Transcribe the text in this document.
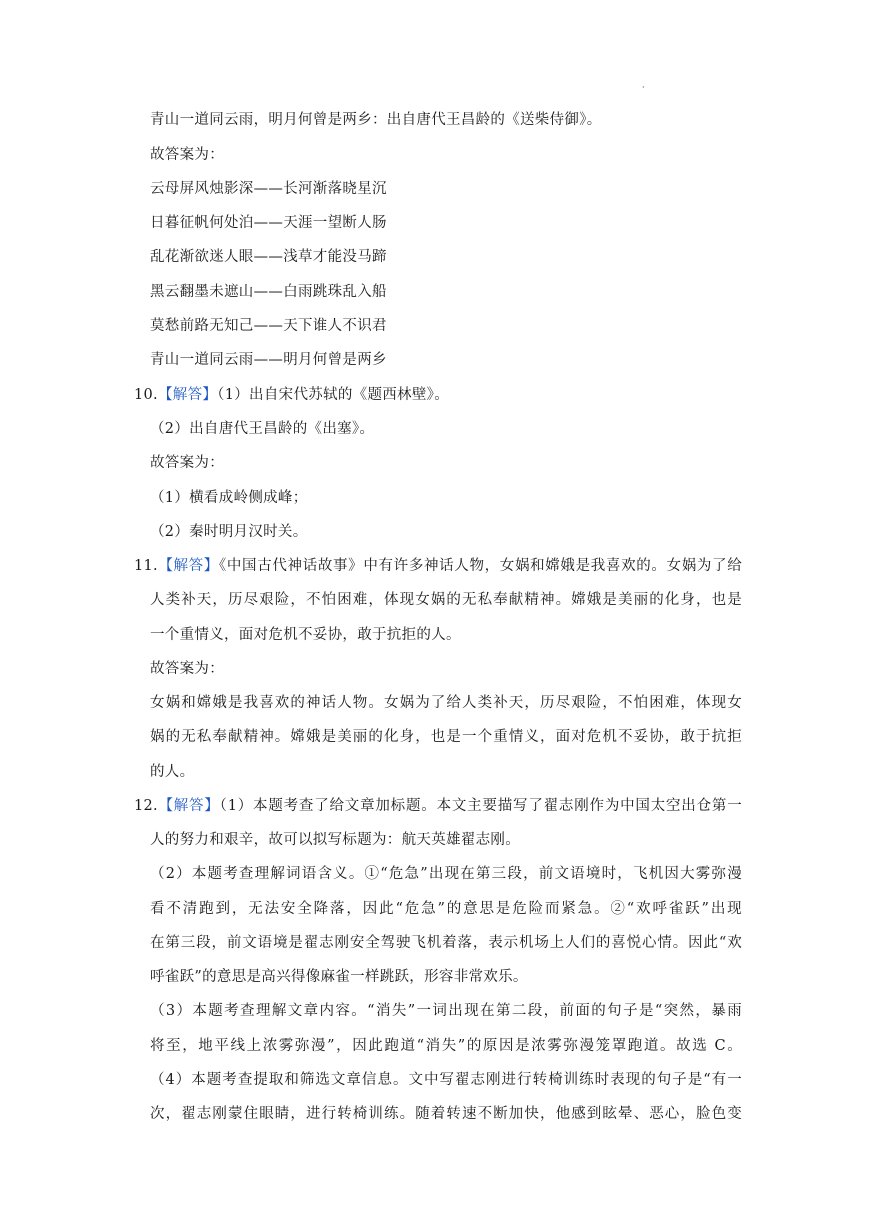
·
青山一道同云雨，明月何曾是两乡：出自唐代王昌龄的《送柴侍御》。
故答案为：
云母屏风烛影深——长河渐落晓星沉
日暮征帆何处泊——天涯一望断人肠
乱花渐欲迷人眼——浅草才能没马蹄
黑云翻墨未遮山——白雨跳珠乱入船
莫愁前路无知己——天下谁人不识君
青山一道同云雨——明月何曾是两乡
10.【解答】（1）出自宋代苏轼的《题西林壁》。
（2）出自唐代王昌龄的《出塞》。
故答案为：
（1）横看成岭侧成峰；
（2）秦时明月汉时关。
11.【解答】《中国古代神话故事》中有许多神话人物，女娲和嫦娥是我喜欢的。女娲为了给
人类补天，历尽艰险，不怕困难，体现女娲的无私奉献精神。嫦娥是美丽的化身，也是
一个重情义，面对危机不妥协，敢于抗拒的人。
故答案为：
女娲和嫦娥是我喜欢的神话人物。女娲为了给人类补天，历尽艰险，不怕困难，体现女
娲的无私奉献精神。嫦娥是美丽的化身，也是一个重情义，面对危机不妥协，敢于抗拒
的人。
12.【解答】（1）本题考查了给文章加标题。本文主要描写了翟志刚作为中国太空出仓第一
人的努力和艰辛，故可以拟写标题为：航天英雄翟志刚。
（2）本题考查理解词语含义。①“危急”出现在第三段，前文语境时，飞机因大雾弥漫
看不清跑到，无法安全降落，因此“危急”的意思是危险而紧急。②“欢呼雀跃”出现
在第三段，前文语境是翟志刚安全驾驶飞机着落，表示机场上人们的喜悦心情。因此“欢
呼雀跃”的意思是高兴得像麻雀一样跳跃，形容非常欢乐。
（3）本题考查理解文章内容。“消失”一词出现在第二段，前面的句子是“突然，暴雨
将至，地平线上浓雾弥漫”，因此跑道“消失”的原因是浓雾弥漫笼罩跑道。故选 C。
（4）本题考查提取和筛选文章信息。文中写翟志刚进行转椅训练时表现的句子是“有一
次，翟志刚蒙住眼睛，进行转椅训练。随着转速不断加快，他感到眩晕、恶心，脸色变
